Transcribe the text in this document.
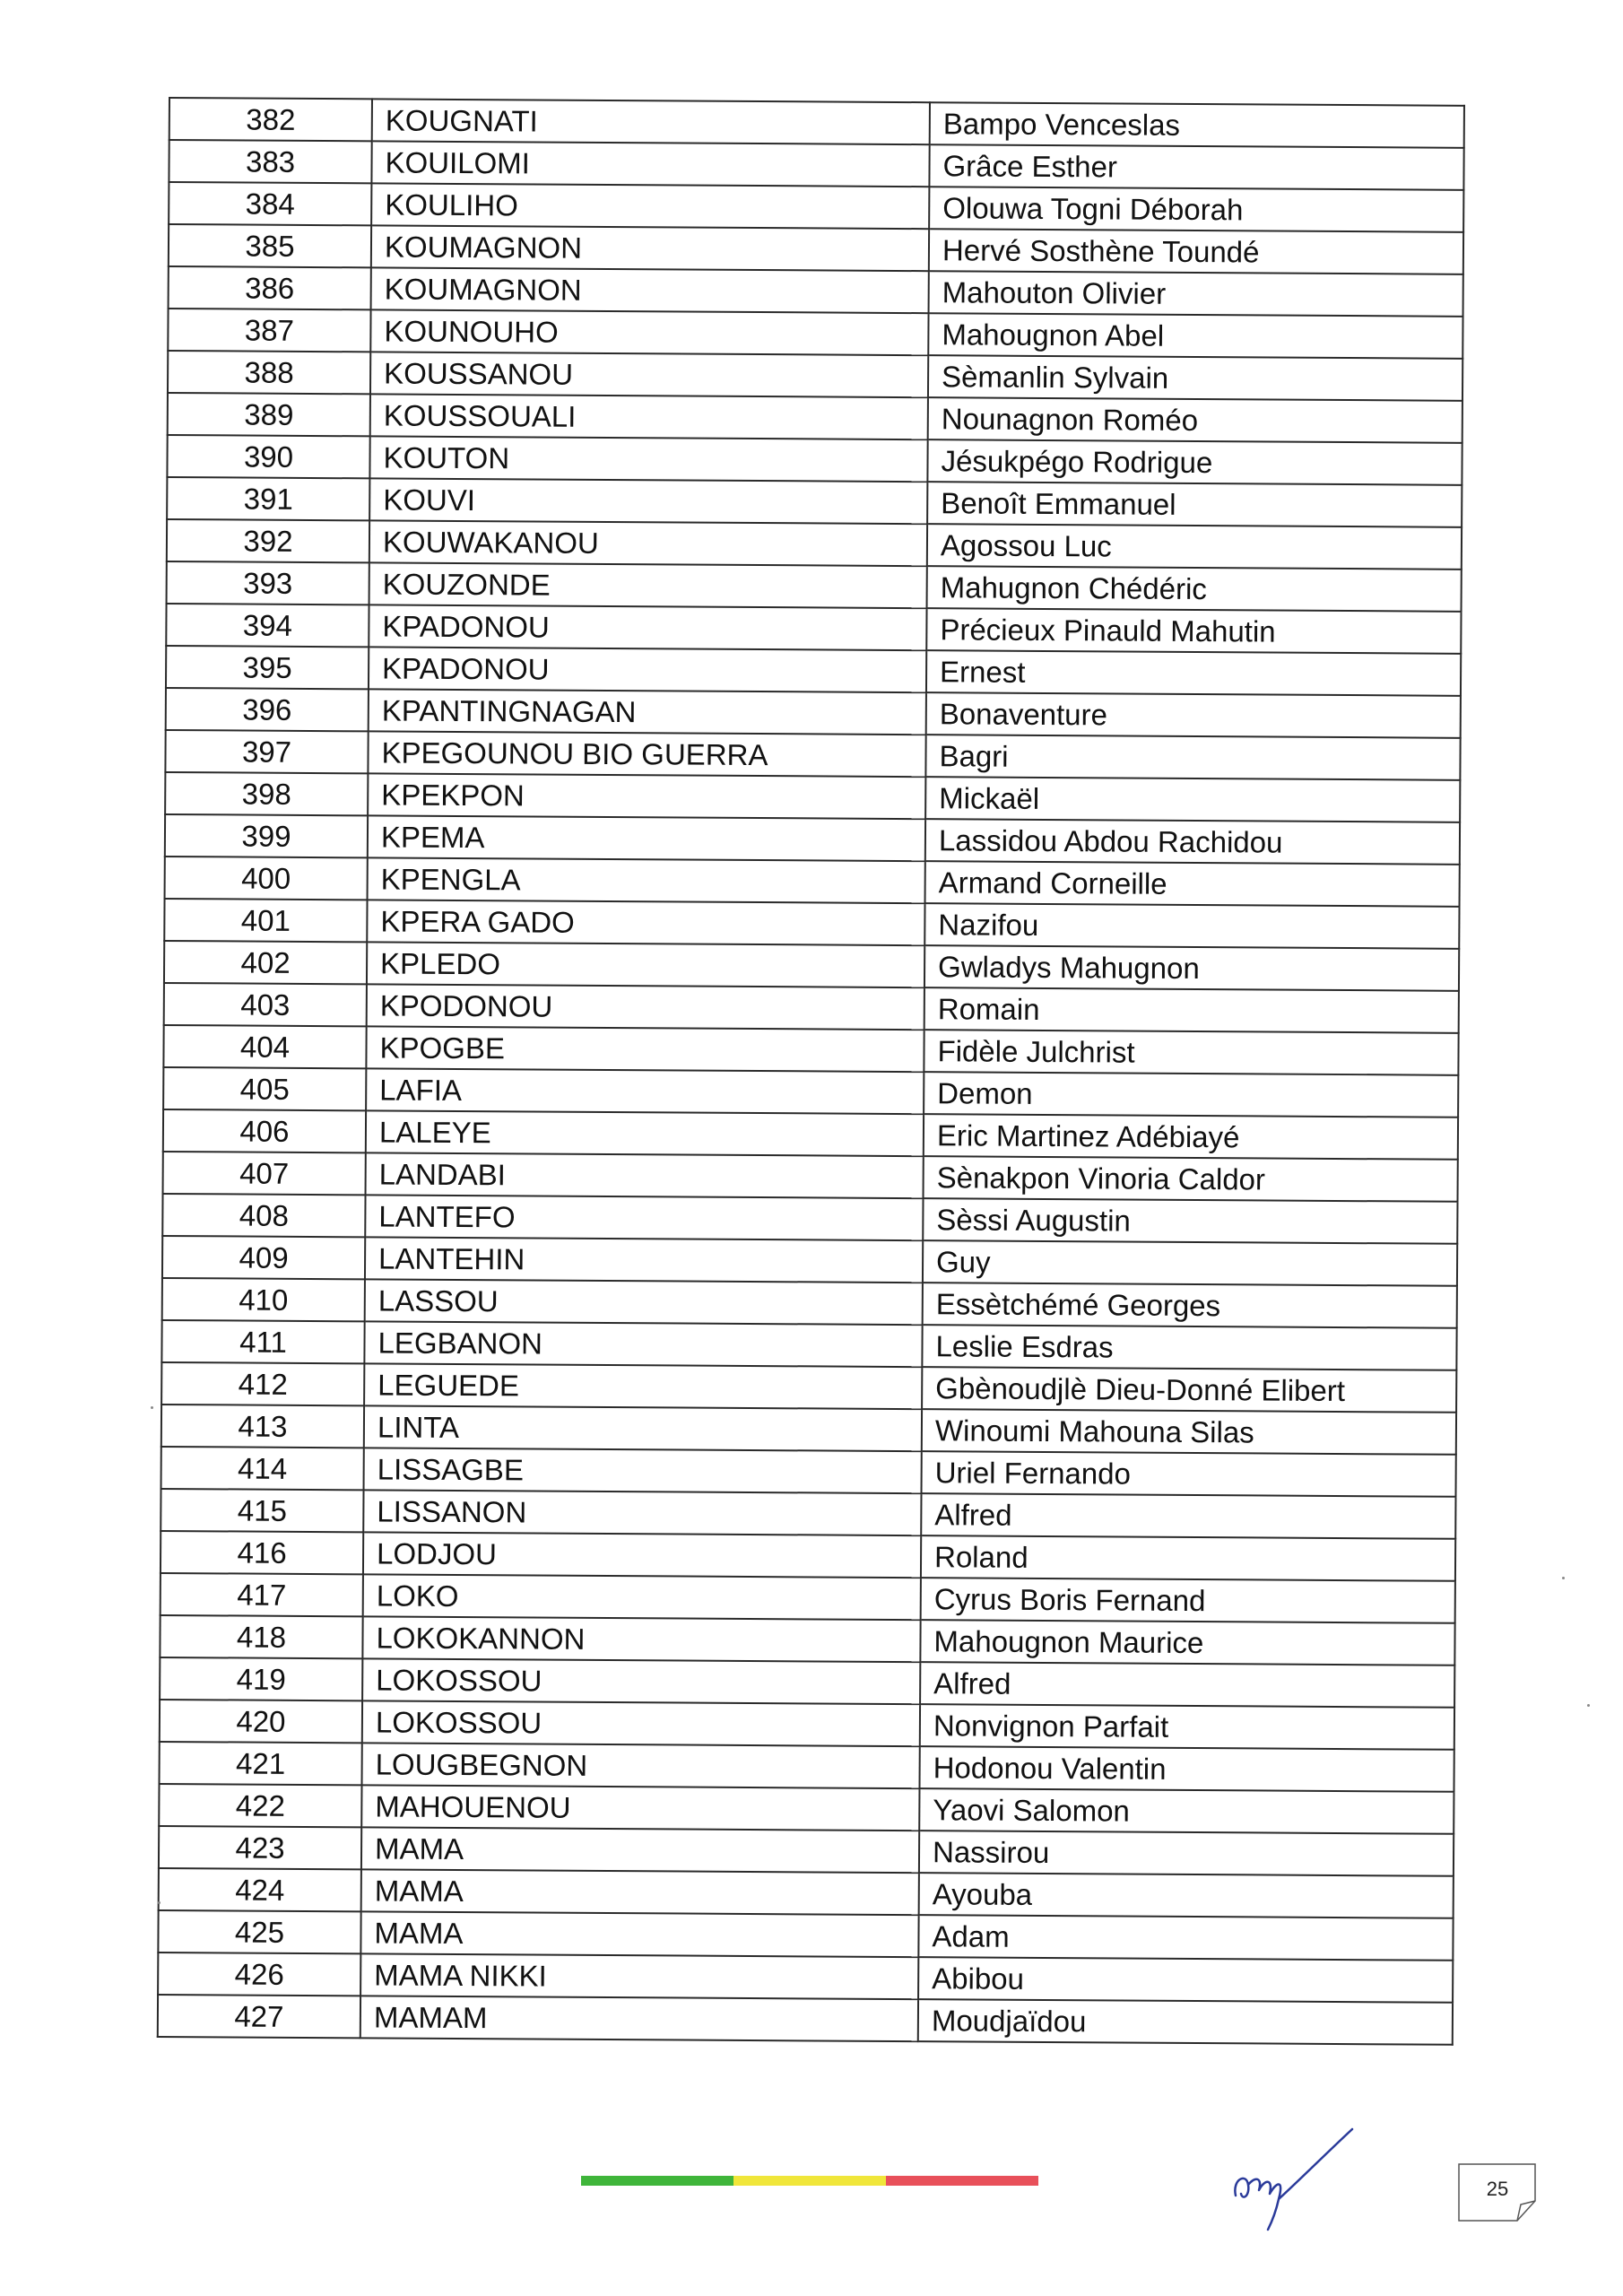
382	KOUGNATI	Bampo Venceslas
383	KOUILOMI	Grâce Esther
384	KOULIHO	Olouwa Togni Déborah
385	KOUMAGNON	Hervé Sosthène Toundé
386	KOUMAGNON	Mahouton Olivier
387	KOUNOUHO	Mahougnon Abel
388	KOUSSANOU	Sèmanlin Sylvain
389	KOUSSOUALI	Nounagnon Roméo
390	KOUTON	Jésukpégo Rodrigue
391	KOUVI	Benoît Emmanuel
392	KOUWAKANOU	Agossou Luc
393	KOUZONDE	Mahugnon Chédéric
394	KPADONOU	Précieux Pinauld Mahutin
395	KPADONOU	Ernest
396	KPANTINGNAGAN	Bonaventure
397	KPEGOUNOU BIO GUERRA	Bagri
398	KPEKPON	Mickaël
399	KPEMA	Lassidou Abdou Rachidou
400	KPENGLA	Armand Corneille
401	KPERA GADO	Nazifou
402	KPLEDO	Gwladys Mahugnon
403	KPODONOU	Romain
404	KPOGBE	Fidèle Julchrist
405	LAFIA	Demon
406	LALEYE	Eric Martinez Adébiayé
407	LANDABI	Sènakpon Vinoria Caldor
408	LANTEFO	Sèssi Augustin
409	LANTEHIN	Guy
410	LASSOU	Essètchémé Georges
411	LEGBANON	Leslie Esdras
412	LEGUEDE	Gbènoudjlè Dieu-Donné Elibert
413	LINTA	Winoumi Mahouna Silas
414	LISSAGBE	Uriel Fernando
415	LISSANON	Alfred
416	LODJOU	Roland
417	LOKO	Cyrus Boris Fernand
418	LOKOKANNON	Mahougnon Maurice
419	LOKOSSOU	Alfred
420	LOKOSSOU	Nonvignon Parfait
421	LOUGBEGNON	Hodonou Valentin
422	MAHOUENOU	Yaovi Salomon
423	MAMA	Nassirou
424	MAMA	Ayouba
425	MAMA	Adam
426	MAMA NIKKI	Abibou
427	MAMAM	Moudjaïdou
25
